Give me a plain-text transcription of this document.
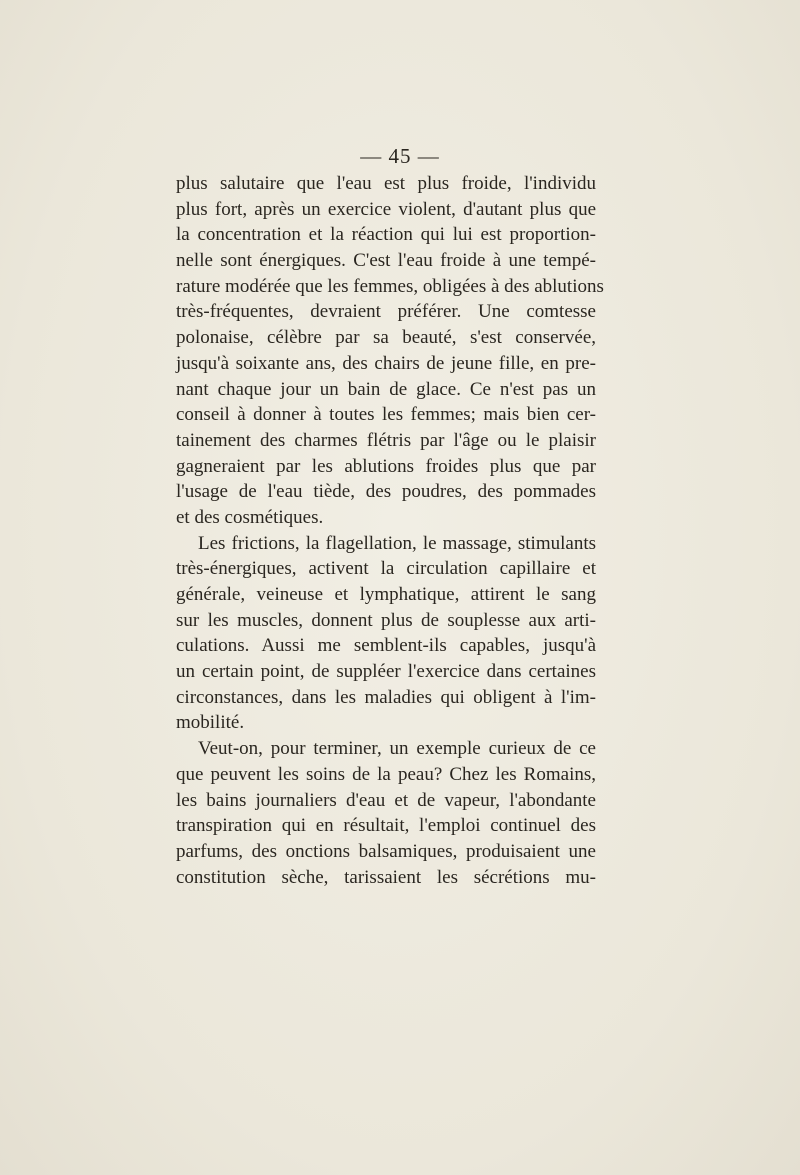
— 45 —
plus salutaire que l'eau est plus froide, l'individu
plus fort, après un exercice violent, d'autant plus que
la concentration et la réaction qui lui est proportion-
nelle sont énergiques. C'est l'eau froide à une tempé-
rature modérée que les femmes, obligées à des ablutions
très-fréquentes, devraient préférer. Une comtesse
polonaise, célèbre par sa beauté, s'est conservée,
jusqu'à soixante ans, des chairs de jeune fille, en pre-
nant chaque jour un bain de glace. Ce n'est pas un
conseil à donner à toutes les femmes; mais bien cer-
tainement des charmes flétris par l'âge ou le plaisir
gagneraient par les ablutions froides plus que par
l'usage de l'eau tiède, des poudres, des pommades
et des cosmétiques.
Les frictions, la flagellation, le massage, stimulants
très-énergiques, activent la circulation capillaire et
générale, veineuse et lymphatique, attirent le sang
sur les muscles, donnent plus de souplesse aux arti-
culations. Aussi me semblent-ils capables, jusqu'à
un certain point, de suppléer l'exercice dans certaines
circonstances, dans les maladies qui obligent à l'im-
mobilité.
Veut-on, pour terminer, un exemple curieux de ce
que peuvent les soins de la peau? Chez les Romains,
les bains journaliers d'eau et de vapeur, l'abondante
transpiration qui en résultait, l'emploi continuel des
parfums, des onctions balsamiques, produisaient une
constitution sèche, tarissaient les sécrétions mu-
